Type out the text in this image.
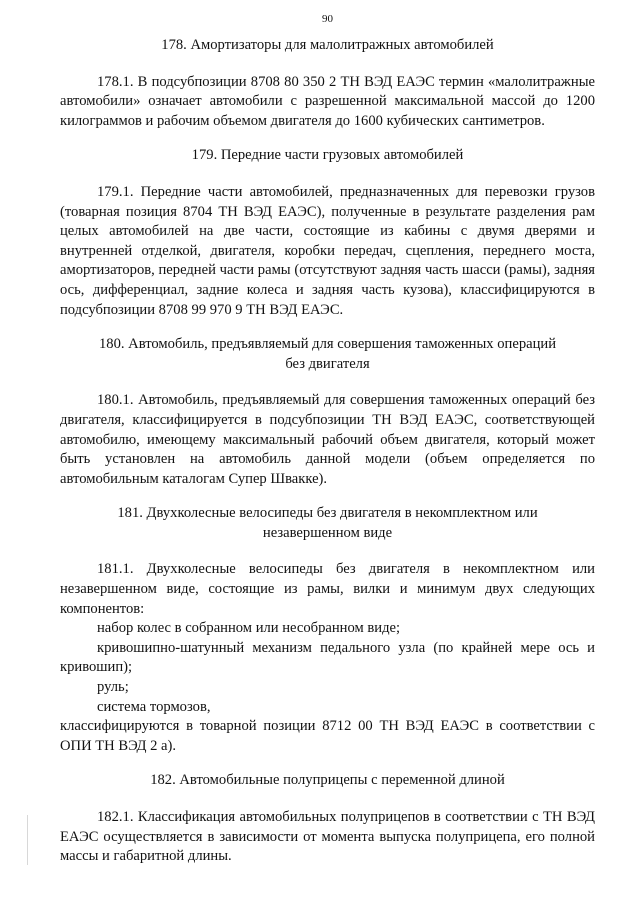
90
178. Амортизаторы для малолитражных автомобилей

178.1. В подсубпозиции 8708 80 350 2 ТН ВЭД ЕАЭС термин «малолитражные автомобили» означает автомобили с разрешенной максимальной массой до 1200 килограммов и рабочим объемом двигателя до 1600 кубических сантиметров.

179. Передние части грузовых автомобилей

179.1. Передние части автомобилей, предназначенных для перевозки грузов (товарная позиция 8704 ТН ВЭД ЕАЭС), полученные в результате разделения рам целых автомобилей на две части, состоящие из кабины с двумя дверями и внутренней отделкой, двигателя, коробки передач, сцепления, переднего моста, амортизаторов, передней части рамы (отсутствуют задняя часть шасси (рамы), задняя ось, дифференциал, задние колеса и задняя часть кузова), классифицируются в подсубпозиции 8708 99 970 9 ТН ВЭД ЕАЭС.

180. Автомобиль, предъявляемый для совершения таможенных операций
без двигателя

180.1. Автомобиль, предъявляемый для совершения таможенных операций без двигателя, классифицируется в подсубпозиции ТН ВЭД ЕАЭС, соответствующей автомобилю, имеющему максимальный рабочий объем двигателя, который может быть установлен на автомобиль данной модели (объем определяется по автомобильным каталогам Супер Швакке).

181. Двухколесные велосипеды без двигателя в некомплектном или
незавершенном виде

181.1. Двухколесные велосипеды без двигателя в некомплектном или незавершенном виде, состоящие из рамы, вилки и минимум двух следующих компонентов:

набор колес в собранном или несобранном виде;

кривошипно-шатунный механизм педального узла (по крайней мере ось и кривошип);

руль;

система тормозов,

классифицируются в товарной позиции 8712 00 ТН ВЭД ЕАЭС в соответствии с ОПИ ТН ВЭД 2 а).

182. Автомобильные полуприцепы с переменной длиной

182.1. Классификация автомобильных полуприцепов в соответствии с ТН ВЭД ЕАЭС осуществляется в зависимости от момента выпуска полуприцепа, его полной массы и габаритной длины.
